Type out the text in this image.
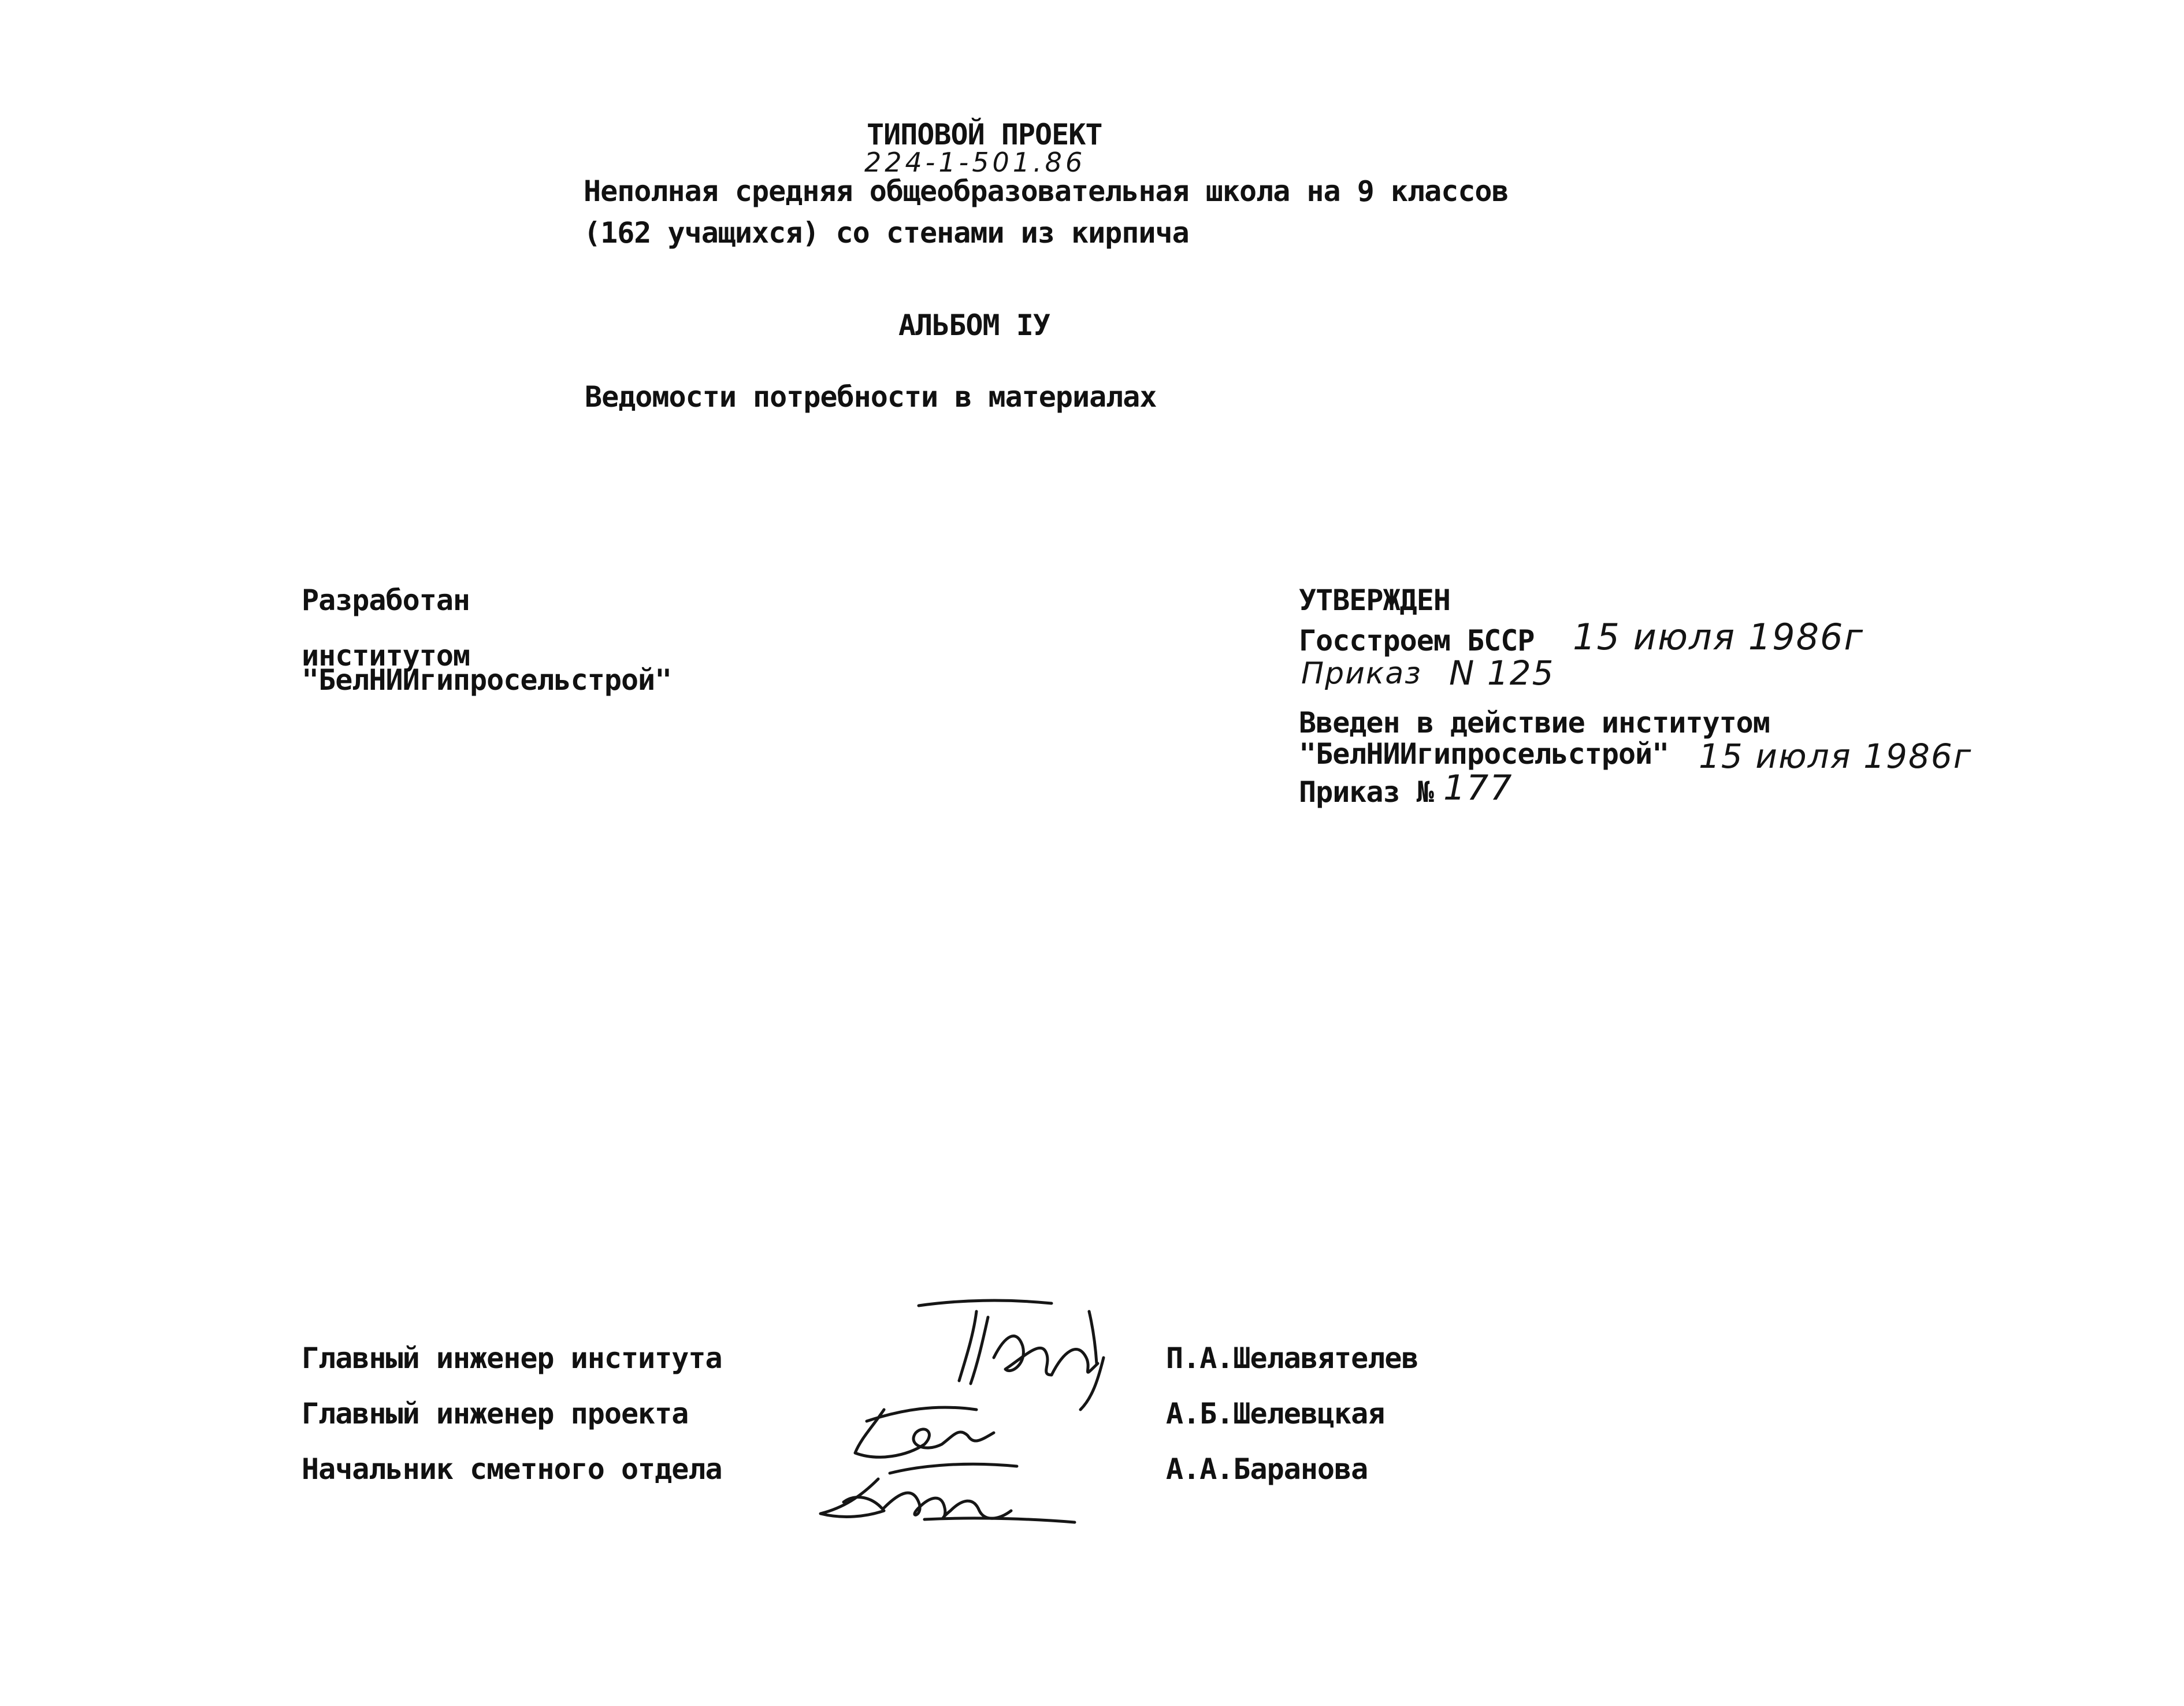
ТИПОВОЙ ПРОЕКТ
224-1-501.86
Неполная средняя общеобразовательная школа на 9 классов
(162 учащихся) со стенами из кирпича
АЛЬБОМ IУ
Ведомости потребности в материалах
Разработан
институтом
"БелНИИгипросельстрой"
УТВЕРЖДЕН
Госстроем БССР 15 июля 1986г
Приказ N 125
Введен в действие институтом
"БелНИИгипросельстрой" 15 июля 1986г
Приказ № 177
Главный инженер института	П.А.Шелавятелев
Главный инженер проекта	А.Б.Шелевцкая
Начальник сметного отдела	А.А.Баранова
